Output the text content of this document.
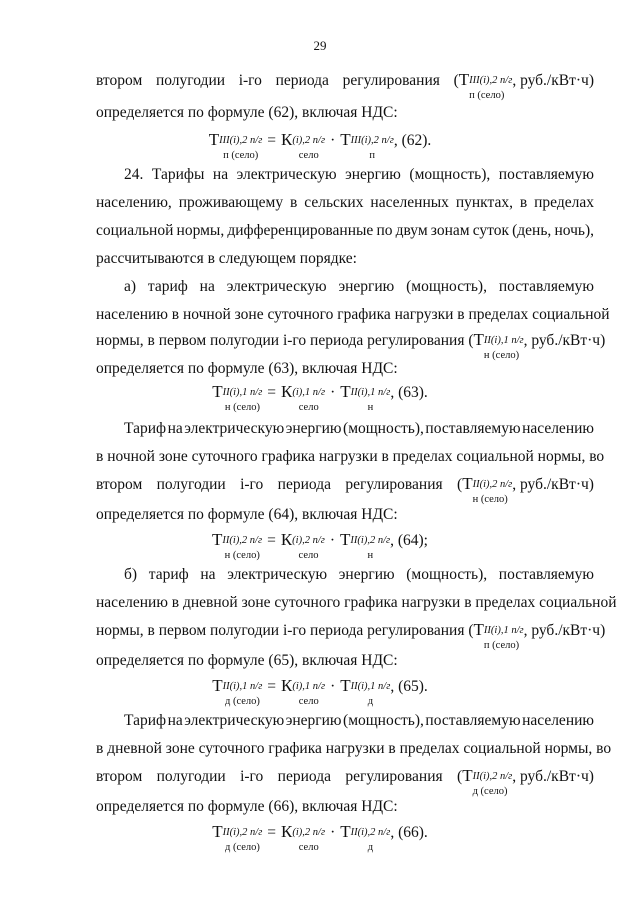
29
втором полугодии i-го периода регулирования ( Т III(i),2 п/г
п (село)
, руб./кВт·ч)
определяется по формуле (62), включая НДС:
Т III(i),2 п/г
п (село)
= К (i),2 п/г
село
· Т III(i),2 п/г
п
, (62).
24. Тарифы на электрическую энергию (мощность), поставляемую
населению, проживающему в сельских населенных пунктах, в пределах
социальной нормы, дифференцированные по двум зонам суток (день, ночь),
рассчитываются в следующем порядке:
а) тариф на электрическую энергию (мощность), поставляемую
населению в ночной зоне суточного графика нагрузки в пределах социальной
нормы, в первом полугодии i-го периода регулирования ( Т II(i),1 п/г
н (село)
, руб./кВт·ч)
определяется по формуле (63), включая НДС:
Т II(i),1 п/г
н (село)
= К (i),1 п/г
село
· Т II(i),1 п/г
н
, (63).
Тариф на электрическую энергию (мощность), поставляемую населению
в ночной зоне суточного графика нагрузки в пределах социальной нормы, во
втором полугодии i-го периода регулирования ( Т II(i),2 п/г
н (село)
, руб./кВт·ч)
определяется по формуле (64), включая НДС:
Т II(i),2 п/г
н (село)
= К (i),2 п/г
село
· Т II(i),2 п/г
н
, (64);
б) тариф на электрическую энергию (мощность), поставляемую
населению в дневной зоне суточного графика нагрузки в пределах социальной
нормы, в первом полугодии i-го периода регулирования ( Т II(i),1 п/г
п (село)
, руб./кВт·ч)
определяется по формуле (65), включая НДС:
Т II(i),1 п/г
д (село)
= К (i),1 п/г
село
· Т II(i),1 п/г
д
, (65).
Тариф на электрическую энергию (мощность), поставляемую населению
в дневной зоне суточного графика нагрузки в пределах социальной нормы, во
втором полугодии i-го периода регулирования ( Т II(i),2 п/г
д (село)
, руб./кВт·ч)
определяется по формуле (66), включая НДС:
Т II(i),2 п/г
д (село)
= К (i),2 п/г
село
· Т II(i),2 п/г
д
, (66).
